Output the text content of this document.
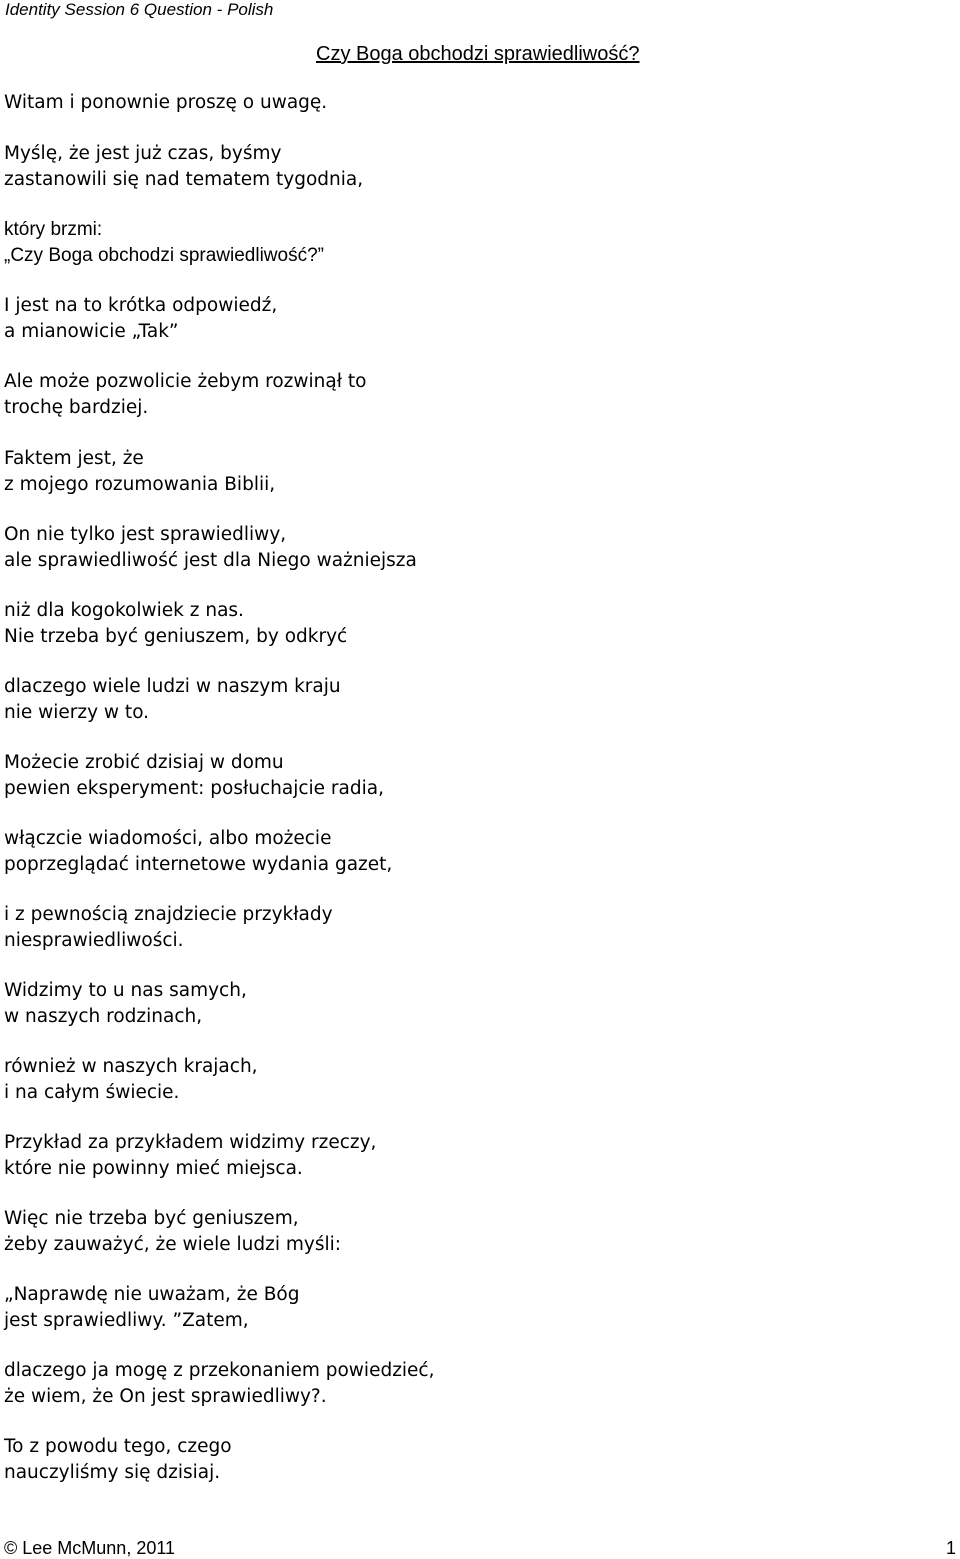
Identity Session 6 Question - Polish
Czy Boga obchodzi sprawiedliwość?
Witam i ponownie proszę o uwagę.
Myślę, że jest już czas, byśmy
zastanowili się nad tematem tygodnia,
który brzmi:
„Czy Boga obchodzi sprawiedliwość?”
I jest na to krótka odpowiedź,
a mianowicie „Tak”
Ale może pozwolicie żebym rozwinął to
trochę bardziej.
Faktem jest, że
z mojego rozumowania Biblii,
On nie tylko jest sprawiedliwy,
ale sprawiedliwość jest dla Niego ważniejsza
niż dla kogokolwiek z nas.
Nie trzeba być geniuszem, by odkryć
dlaczego wiele ludzi w naszym kraju
nie wierzy w to.
Możecie zrobić dzisiaj w domu
pewien eksperyment: posłuchajcie radia,
włączcie wiadomości, albo możecie
poprzeglądać internetowe wydania gazet,
i z pewnością znajdziecie przykłady
niesprawiedliwości.
Widzimy to u nas samych,
w naszych rodzinach,
również w naszych krajach,
i na całym świecie.
Przykład za przykładem widzimy rzeczy,
które nie powinny mieć miejsca.
Więc nie trzeba być geniuszem,
żeby zauważyć, że wiele ludzi myśli:
„Naprawdę nie uważam, że Bóg
jest sprawiedliwy. ”Zatem,
dlaczego ja mogę z przekonaniem powiedzieć,
że wiem, że On jest sprawiedliwy?.
To z powodu tego, czego
nauczyliśmy się dzisiaj.
© Lee McMunn, 2011	1
